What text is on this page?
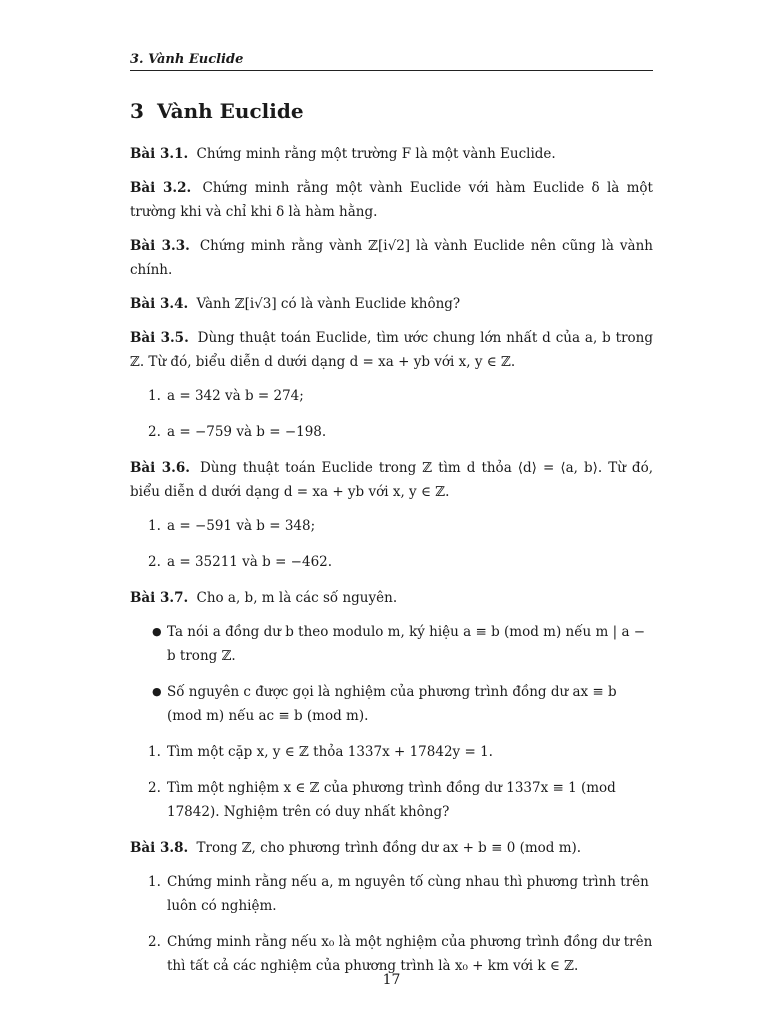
3. Vành Euclide
3 Vành Euclide

Bài 3.1. Chứng minh rằng một trường F là một vành Euclide.

Bài 3.2. Chứng minh rằng một vành Euclide với hàm Euclide δ là một trường khi và chỉ khi δ là hàm hằng.

Bài 3.3. Chứng minh rằng vành ℤ[i√2] là vành Euclide nên cũng là vành chính.

Bài 3.4. Vành ℤ[i√3] có là vành Euclide không?

Bài 3.5. Dùng thuật toán Euclide, tìm ước chung lớn nhất d của a, b trong ℤ. Từ đó, biểu diễn d dưới dạng d = xa + yb với x, y ∈ ℤ.

1. a = 342 và b = 274;
2. a = −759 và b = −198.

Bài 3.6. Dùng thuật toán Euclide trong ℤ tìm d thỏa ⟨d⟩ = ⟨a, b⟩. Từ đó, biểu diễn d dưới dạng d = xa + yb với x, y ∈ ℤ.

1. a = −591 và b = 348;
2. a = 35211 và b = −462.

Bài 3.7. Cho a, b, m là các số nguyên.

● Ta nói a đồng dư b theo modulo m, ký hiệu a ≡ b (mod m) nếu m | a − b trong ℤ.
● Số nguyên c được gọi là nghiệm của phương trình đồng dư ax ≡ b (mod m) nếu ac ≡ b (mod m).
1. Tìm một cặp x, y ∈ ℤ thỏa 1337x + 17842y = 1.
2. Tìm một nghiệm x ∈ ℤ của phương trình đồng dư 1337x ≡ 1 (mod 17842). Nghiệm trên có duy nhất không?

Bài 3.8. Trong ℤ, cho phương trình đồng dư ax + b ≡ 0 (mod m).

1. Chứng minh rằng nếu a, m nguyên tố cùng nhau thì phương trình trên luôn có nghiệm.
2. Chứng minh rằng nếu x₀ là một nghiệm của phương trình đồng dư trên thì tất cả các nghiệm của phương trình là x₀ + km với k ∈ ℤ.
17
